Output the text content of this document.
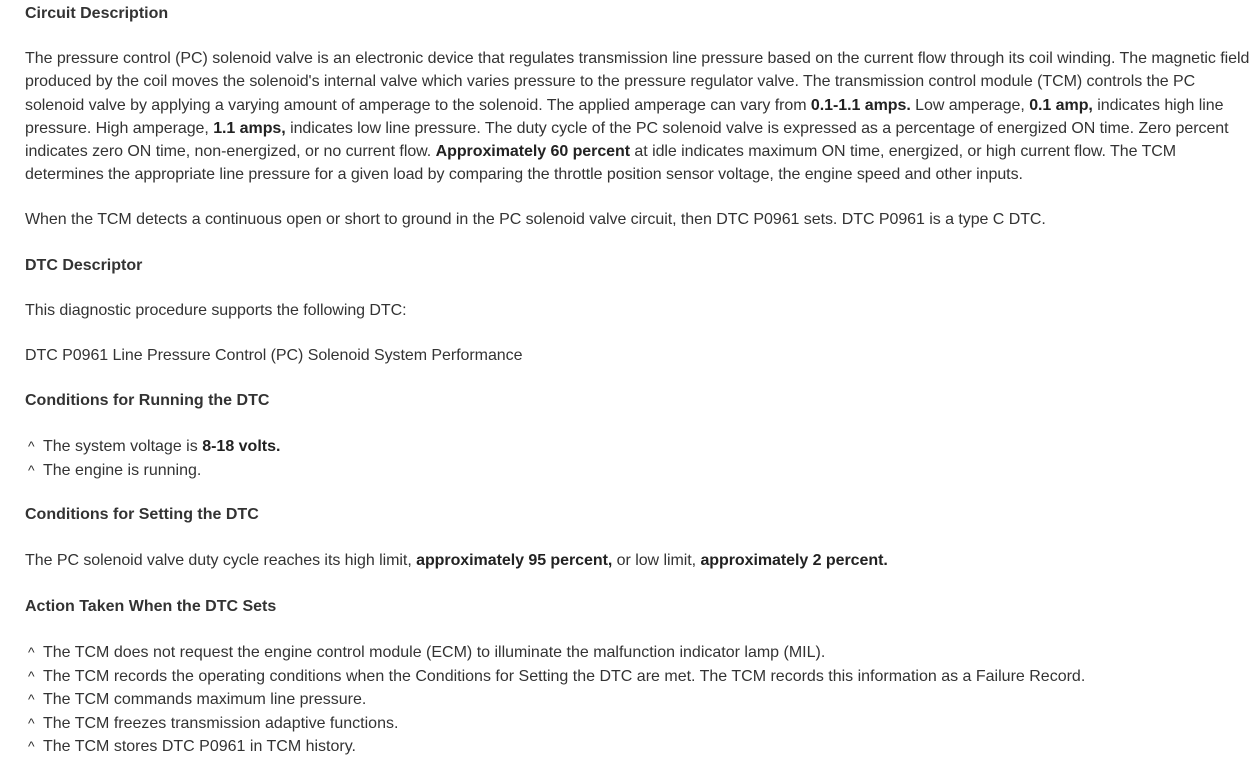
Circuit Description

The pressure control (PC) solenoid valve is an electronic device that regulates transmission line pressure based on the current flow through its coil winding. The magnetic field produced by the coil moves the solenoid's internal valve which varies pressure to the pressure regulator valve. The transmission control module (TCM) controls the PC solenoid valve by applying a varying amount of amperage to the solenoid. The applied amperage can vary from 0.1-1.1 amps. Low amperage, 0.1 amp, indicates high line pressure. High amperage, 1.1 amps, indicates low line pressure. The duty cycle of the PC solenoid valve is expressed as a percentage of energized ON time. Zero percent indicates zero ON time, non-energized, or no current flow. Approximately 60 percent at idle indicates maximum ON time, energized, or high current flow. The TCM determines the appropriate line pressure for a given load by comparing the throttle position sensor voltage, the engine speed and other inputs.

When the TCM detects a continuous open or short to ground in the PC solenoid valve circuit, then DTC P0961 sets. DTC P0961 is a type C DTC.

DTC Descriptor

This diagnostic procedure supports the following DTC:

DTC P0961 Line Pressure Control (PC) Solenoid System Performance

Conditions for Running the DTC
^ The system voltage is
8-18 volts.
^ The engine is running.
Conditions for Setting the DTC

The PC solenoid valve duty cycle reaches its high limit, approximately 95 percent, or low limit, approximately 2 percent.

Action Taken When the DTC Sets
^ The TCM does not request the engine control module (ECM) to illuminate the malfunction indicator lamp (MIL).
^ The TCM records the operating conditions when the Conditions for Setting the DTC are met. The TCM records this information as a Failure Record.
^ The TCM commands maximum line pressure.
^ The TCM freezes transmission adaptive functions.
^ The TCM stores DTC P0961 in TCM history.
